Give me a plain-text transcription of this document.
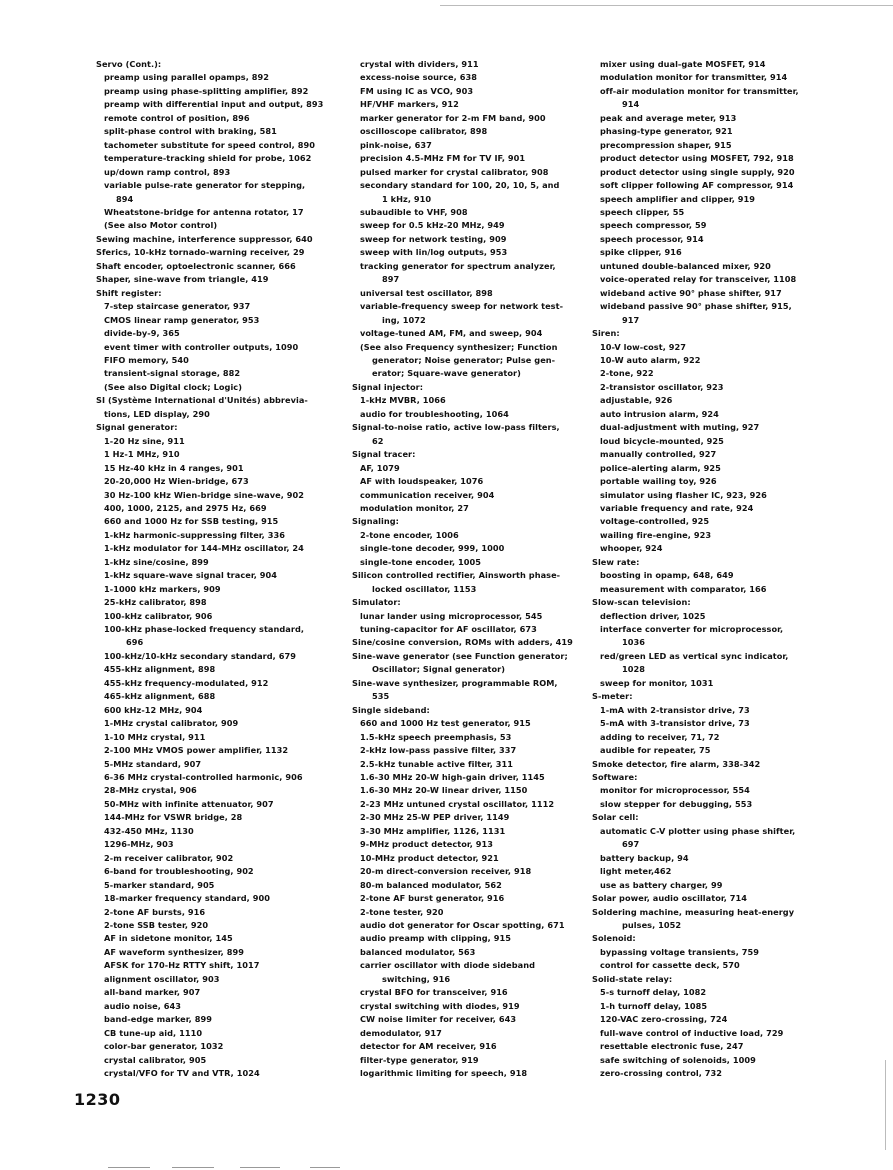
Servo (Cont.):
preamp using parallel opamps, 892
preamp using phase-splitting amplifier, 892
preamp with differential input and output, 893
remote control of position, 896
split-phase control with braking, 581
tachometer substitute for speed control, 890
temperature-tracking shield for probe, 1062
up/down ramp control, 893
variable pulse-rate generator for stepping,
894
Wheatstone-bridge for antenna rotator, 17
(See also Motor control)
Sewing machine, interference suppressor, 640
Sferics, 10-kHz tornado-warning receiver, 29
Shaft encoder, optoelectronic scanner, 666
Shaper, sine-wave from triangle, 419
Shift register:
7-step staircase generator, 937
CMOS linear ramp generator, 953
divide-by-9, 365
event timer with controller outputs, 1090
FIFO memory, 540
transient-signal storage, 882
(See also Digital clock; Logic)
SI (Système International d'Unités) abbrevia-
tions, LED display, 290
Signal generator:
1-20 Hz sine, 911
1 Hz-1 MHz, 910
15 Hz-40 kHz in 4 ranges, 901
20-20,000 Hz Wien-bridge, 673
30 Hz-100 kHz Wien-bridge sine-wave, 902
400, 1000, 2125, and 2975 Hz, 669
660 and 1000 Hz for SSB testing, 915
1-kHz harmonic-suppressing filter, 336
1-kHz modulator for 144-MHz oscillator, 24
1-kHz sine/cosine, 899
1-kHz square-wave signal tracer, 904
1-1000 kHz markers, 909
25-kHz calibrator, 898
100-kHz calibrator, 906
100-kHz phase-locked frequency standard,
696
100-kHz/10-kHz secondary standard, 679
455-kHz alignment, 898
455-kHz frequency-modulated, 912
465-kHz alignment, 688
600 kHz-12 MHz, 904
1-MHz crystal calibrator, 909
1-10 MHz crystal, 911
2-100 MHz VMOS power amplifier, 1132
5-MHz standard, 907
6-36 MHz crystal-controlled harmonic, 906
28-MHz crystal, 906
50-MHz with infinite attenuator, 907
144-MHz for VSWR bridge, 28
432-450 MHz, 1130
1296-MHz, 903
2-m receiver calibrator, 902
6-band for troubleshooting, 902
5-marker standard, 905
18-marker frequency standard, 900
2-tone AF bursts, 916
2-tone SSB tester, 920
AF in sidetone monitor, 145
AF waveform synthesizer, 899
AFSK for 170-Hz RTTY shift, 1017
alignment oscillator, 903
all-band marker, 907
audio noise, 643
band-edge marker, 899
CB tune-up aid, 1110
color-bar generator, 1032
crystal calibrator, 905
crystal/VFO for TV and VTR, 1024
crystal with dividers, 911
excess-noise source, 638
FM using IC as VCO, 903
HF/VHF markers, 912
marker generator for 2-m FM band, 900
oscilloscope calibrator, 898
pink-noise, 637
precision 4.5-MHz FM for TV IF, 901
pulsed marker for crystal calibrator, 908
secondary standard for 100, 20, 10, 5, and
1 kHz, 910
subaudible to VHF, 908
sweep for 0.5 kHz-20 MHz, 949
sweep for network testing, 909
sweep with lin/log outputs, 953
tracking generator for spectrum analyzer,
897
universal test oscillator, 898
variable-frequency sweep for network test-
ing, 1072
voltage-tuned AM, FM, and sweep, 904
(See also Frequency synthesizer; Function
generator; Noise generator; Pulse gen-
erator; Square-wave generator)
Signal injector:
1-kHz MVBR, 1066
audio for troubleshooting, 1064
Signal-to-noise ratio, active low-pass filters,
62
Signal tracer:
AF, 1079
AF with loudspeaker, 1076
communication receiver, 904
modulation monitor, 27
Signaling:
2-tone encoder, 1006
single-tone decoder, 999, 1000
single-tone encoder, 1005
Silicon controlled rectifier, Ainsworth phase-
locked oscillator, 1153
Simulator:
lunar lander using microprocessor, 545
tuning-capacitor for AF oscillator, 673
Sine/cosine conversion, ROMs with adders, 419
Sine-wave generator (see Function generator;
Oscillator; Signal generator)
Sine-wave synthesizer, programmable ROM,
535
Single sideband:
660 and 1000 Hz test generator, 915
1.5-kHz speech preemphasis, 53
2-kHz low-pass passive filter, 337
2.5-kHz tunable active filter, 311
1.6-30 MHz 20-W high-gain driver, 1145
1.6-30 MHz 20-W linear driver, 1150
2-23 MHz untuned crystal oscillator, 1112
2-30 MHz 25-W PEP driver, 1149
3-30 MHz amplifier, 1126, 1131
9-MHz product detector, 913
10-MHz product detector, 921
20-m direct-conversion receiver, 918
80-m balanced modulator, 562
2-tone AF burst generator, 916
2-tone tester, 920
audio dot generator for Oscar spotting, 671
audio preamp with clipping, 915
balanced modulator, 563
carrier oscillator with diode sideband
switching, 916
crystal BFO for transceiver, 916
crystal switching with diodes, 919
CW noise limiter for receiver, 643
demodulator, 917
detector for AM receiver, 916
filter-type generator, 919
logarithmic limiting for speech, 918
mixer using dual-gate MOSFET, 914
modulation monitor for transmitter, 914
off-air modulation monitor for transmitter,
914
peak and average meter, 913
phasing-type generator, 921
precompression shaper, 915
product detector using MOSFET, 792, 918
product detector using single supply, 920
soft clipper following AF compressor, 914
speech amplifier and clipper, 919
speech clipper, 55
speech compressor, 59
speech processor, 914
spike clipper, 916
untuned double-balanced mixer, 920
voice-operated relay for transceiver, 1108
wideband active 90° phase shifter, 917
wideband passive 90° phase shifter, 915,
917
Siren:
10-V low-cost, 927
10-W auto alarm, 922
2-tone, 922
2-transistor oscillator, 923
adjustable, 926
auto intrusion alarm, 924
dual-adjustment with muting, 927
loud bicycle-mounted, 925
manually controlled, 927
police-alerting alarm, 925
portable wailing toy, 926
simulator using flasher IC, 923, 926
variable frequency and rate, 924
voltage-controlled, 925
wailing fire-engine, 923
whooper, 924
Slew rate:
boosting in opamp, 648, 649
measurement with comparator, 166
Slow-scan television:
deflection driver, 1025
interface converter for microprocessor,
1036
red/green LED as vertical sync indicator,
1028
sweep for monitor, 1031
S-meter:
1-mA with 2-transistor drive, 73
5-mA with 3-transistor drive, 73
adding to receiver, 71, 72
audible for repeater, 75
Smoke detector, fire alarm, 338-342
Software:
monitor for microprocessor, 554
slow stepper for debugging, 553
Solar cell:
automatic C-V plotter using phase shifter,
697
battery backup, 94
light meter,462
use as battery charger, 99
Solar power, audio oscillator, 714
Soldering machine, measuring heat-energy
pulses, 1052
Solenoid:
bypassing voltage transients, 759
control for cassette deck, 570
Solid-state relay:
5-s turnoff delay, 1082
1-h turnoff delay, 1085
120-VAC zero-crossing, 724
full-wave control of inductive load, 729
resettable electronic fuse, 247
safe switching of solenoids, 1009
zero-crossing control, 732
1230
